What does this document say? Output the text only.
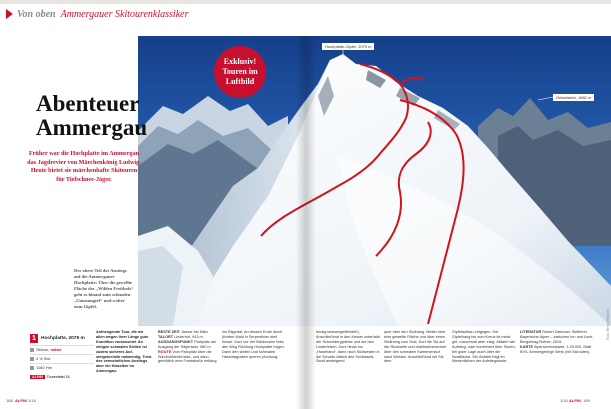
Von oben Ammergauer Skitourenklassiker
Hochplatte-Gipfel, 2079 m
Geiselstein, 1882 m
Exklusiv!
Touren im
Luftbild
Abenteuer
Ammergau
Früher war die Hochplatte im Ammergau das Jagdrevier von Märchenkönig Ludwig. Heute bietet sie märchenhafte Skitouren für Tiefschnee-Jäger.
Der obere Teil des Anstiegs auf die Ammergauer Hochplatte: Über die gewellte Fläche des „Wilden Freithofs“ geht es hinauf zum schmalen „Gamsangerl“ und weiter zum Gipfel.
1	Hochplatte, 2079 m
Skitour,
mittel
4 ½ Std.
1180 Hm
ALPIN	Tourentafel 18
Anthengende Tour, die wir allen wegen ihrer Länge gute Kondition voraussetzt. An einigen schmalen Stellen ist zudem sicheres Auf-steigetechnik notwendig. Trotz des vermeintlichen Anstiegs aber ein Klassiker im Ammergau.
BESTE ZEIT Januar bis März TALORT Linderhof, 943 m. AUSGANGSPUNKT Parkplatz am Ausgang der Sägertalm, 980 m. ROUTE Vom Parkplatz über die Windmühlenbrücke- und dann gemütlich eine Forststraße entlang
ins Sägertal. An dessen Ende durch (lichten Wald in Serpentinen steil hinauf. Kurz vor der Bäckenalm links den Weg Richtung Hochplatte folgen. Dann den steilen und schmalen Hasentagraben queren (Achtung:
heutig lawinengefährdet!). Anschließend in den Kessel unterhalb der Schneidergipfelse und auf den Linderfelsch. Kurz hinab ins „Haselrand“, dann nach Südwesten in die Scharte östlich des Schlössels. Sanft ansteigend
quer über den Südhang. Weiter über eine gewellte Fläche und über einen Steilhang zum Grat. Dort die Ski auf der Rückseite und drahtseilversichert über den schmalen Kammverlauf nach Westen. Anschließend mit Ski dem
Gipfelaufbau entgegen. Der Gipfelhang bis zum Kreuz ist meist gut, manchmal aber eisig. Abfahrt wie Aufstieg, oder kombiniert über Stufen, bei guter Lage auch über die Nordflanke. Die Abfahrt folgt im Wesentlichen der Aufstiegsroute.
LITERATUR Robert Zamman: Skiführer Bayerische Alpen – zwischen Inn und Lech, Bergverlag Rother, 2015.
KARTE Alpenvereinskarte, 1:25.000, Blatt BY6, Ammergebirge West (mit Skirouten).
Foto: Bernd Ritschel
188 ALPIN 1/16	1/16 ALPIN 189
